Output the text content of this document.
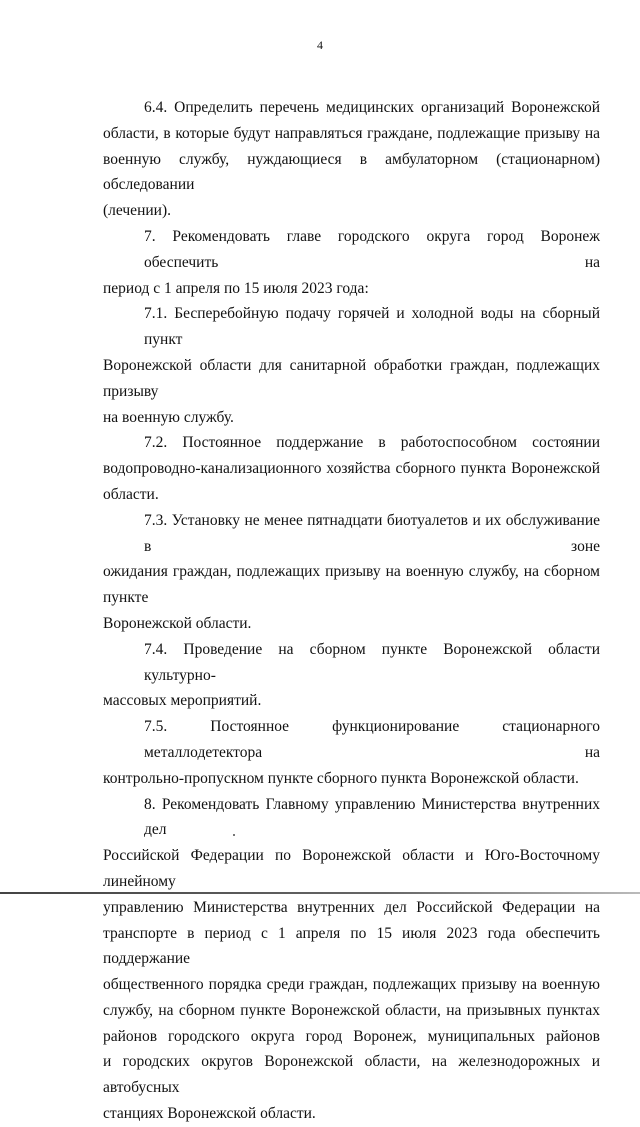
4
6.4. Определить перечень медицинских организаций Воронежской
области, в которые будут направляться граждане, подлежащие призыву на
военную службу, нуждающиеся в амбулаторном (стационарном) обследовании
(лечении).
7. Рекомендовать главе городского округа город Воронеж обеспечить на
период с 1 апреля по 15 июля 2023 года:
7.1. Бесперебойную подачу горячей и холодной воды на сборный пункт
Воронежской области для санитарной обработки граждан, подлежащих призыву
на военную службу.
7.2. Постоянное поддержание в работоспособном состоянии
водопроводно-канализационного хозяйства сборного пункта Воронежской
области.
7.3. Установку не менее пятнадцати биотуалетов и их обслуживание в зоне
ожидания граждан, подлежащих призыву на военную службу, на сборном пункте
Воронежской области.
7.4. Проведение на сборном пункте Воронежской области культурно-
массовых мероприятий.
7.5. Постоянное функционирование стационарного металлодетектора на
контрольно-пропускном пункте сборного пункта Воронежской области.
8. Рекомендовать Главному управлению Министерства внутренних дел
Российской Федерации по Воронежской области и Юго-Восточному линейному
управлению Министерства внутренних дел Российской Федерации на
транспорте в период с 1 апреля по 15 июля 2023 года обеспечить поддержание
общественного порядка среди граждан, подлежащих призыву на военную
службу, на сборном пункте Воронежской области, на призывных пунктах
районов городского округа город Воронеж, муниципальных районов
и городских округов Воронежской области, на железнодорожных и автобусных
станциях Воронежской области.
